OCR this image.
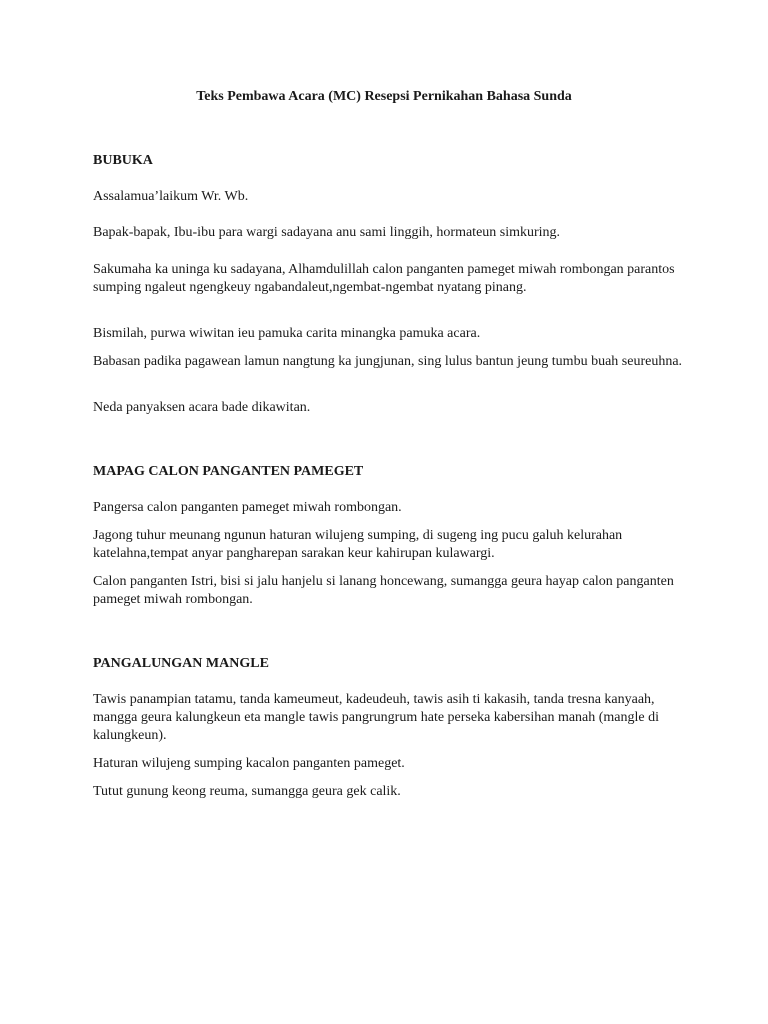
Teks Pembawa Acara (MC) Resepsi Pernikahan Bahasa Sunda
BUBUKA

Assalamua’laikum Wr. Wb.

Bapak-bapak, Ibu-ibu para wargi sadayana anu sami linggih, hormateun simkuring.

Sakumaha ka uninga ku sadayana, Alhamdulillah calon panganten pameget miwah rombongan parantos sumping ngaleut ngengkeuy ngabandaleut,ngembat-ngembat nyatang pinang.

Bismilah, purwa wiwitan ieu pamuka carita minangka pamuka acara.

Babasan padika pagawean lamun nangtung ka jungjunan, sing lulus bantun jeung tumbu buah seureuhna.

Neda panyaksen acara bade dikawitan.

MAPAG CALON PANGANTEN PAMEGET

Pangersa calon panganten pameget miwah rombongan.

Jagong tuhur meunang ngunun haturan wilujeng sumping, di sugeng ing pucu galuh kelurahan katelahna,tempat anyar pangharepan sarakan keur kahirupan kulawargi.

Calon panganten Istri, bisi si jalu hanjelu si lanang honcewang, sumangga geura hayap calon panganten pameget miwah rombongan.

PANGALUNGAN MANGLE

Tawis panampian tatamu, tanda kameumeut, kadeudeuh, tawis asih ti kakasih, tanda tresna kanyaah, mangga geura kalungkeun eta mangle tawis pangrungrum hate perseka kabersihan manah (mangle di kalungkeun).

Haturan wilujeng sumping kacalon panganten pameget.

Tutut gunung keong reuma, sumangga geura gek calik.
